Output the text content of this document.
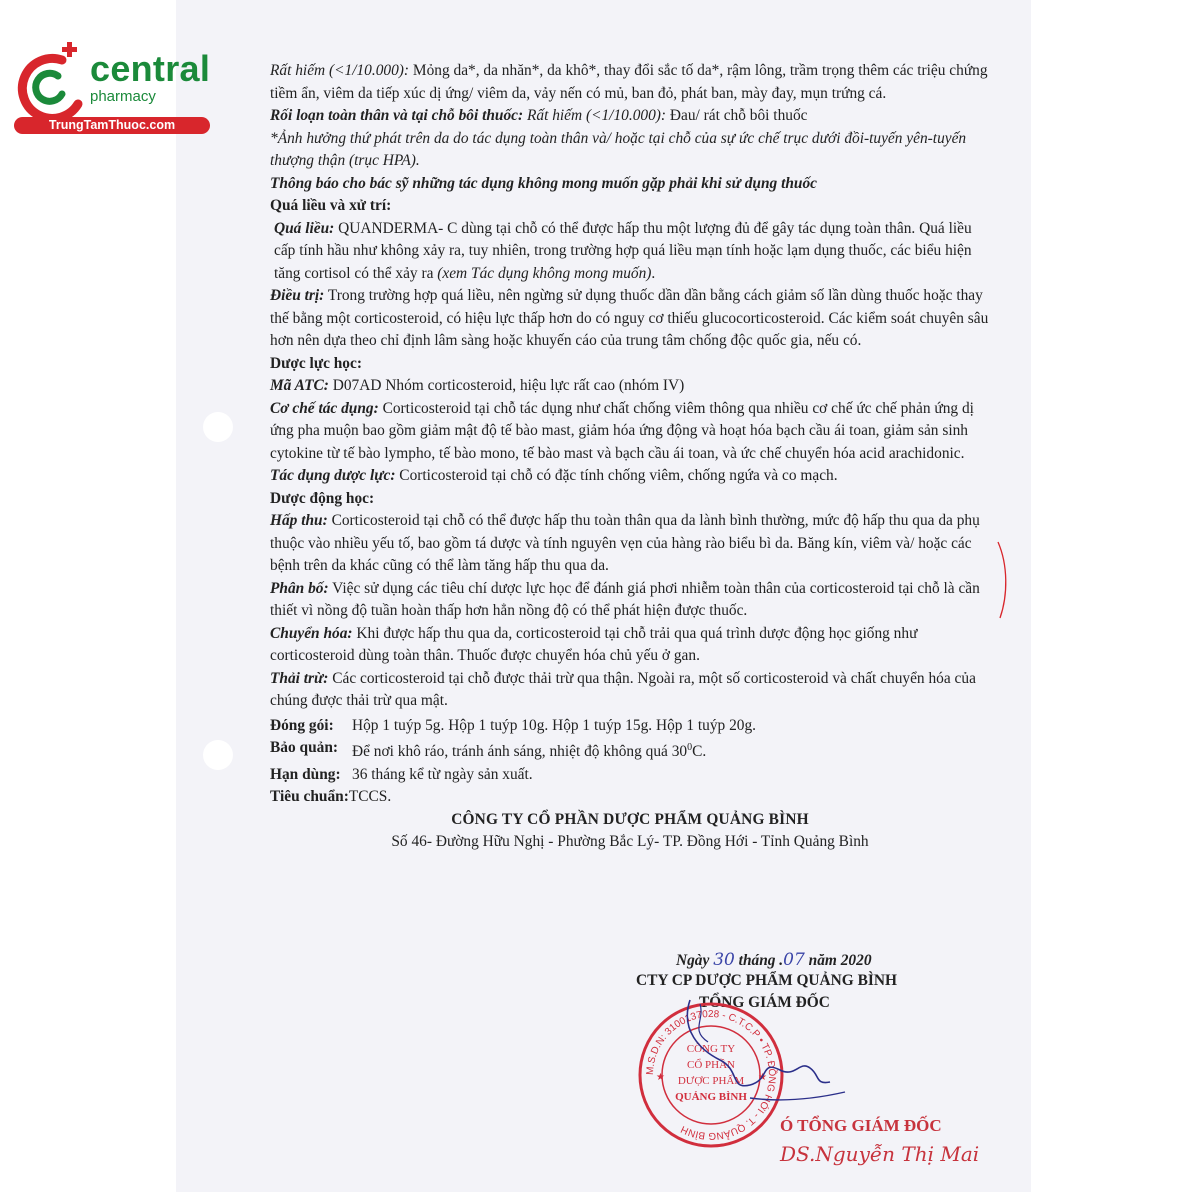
central
pharmacy
TrungTamThuoc.com

Rất hiếm (<1/10.000): Mỏng da*, da nhăn*, da khô*, thay đổi sắc tố da*, rậm lông, trầm trọng thêm các triệu chứng tiềm ẩn, viêm da tiếp xúc dị ứng/ viêm da, vảy nến có mủ, ban đỏ, phát ban, mày đay, mụn trứng cá.

Rối loạn toàn thân và tại chỗ bôi thuốc: Rất hiếm (<1/10.000): Đau/ rát chỗ bôi thuốc

*Ảnh hưởng thứ phát trên da do tác dụng toàn thân và/ hoặc tại chỗ của sự ức chế trục dưới đồi-tuyến yên-tuyến thượng thận (trục HPA).

Thông báo cho bác sỹ những tác dụng không mong muốn gặp phải khi sử dụng thuốc

Quá liều và xử trí:

Quá liều: QUANDERMA- C dùng tại chỗ có thể được hấp thu một lượng đủ để gây tác dụng toàn thân. Quá liều cấp tính hầu như không xảy ra, tuy nhiên, trong trường hợp quá liều mạn tính hoặc lạm dụng thuốc, các biểu hiện tăng cortisol có thể xảy ra (xem Tác dụng không mong muốn).

Điều trị: Trong trường hợp quá liều, nên ngừng sử dụng thuốc dần dần bằng cách giảm số lần dùng thuốc hoặc thay thế bằng một corticosteroid, có hiệu lực thấp hơn do có nguy cơ thiếu glucocorticosteroid. Các kiểm soát chuyên sâu hơn nên dựa theo chỉ định lâm sàng hoặc khuyến cáo của trung tâm chống độc quốc gia, nếu có.

Dược lực học:

Mã ATC: D07AD Nhóm corticosteroid, hiệu lực rất cao (nhóm IV)

Cơ chế tác dụng: Corticosteroid tại chỗ tác dụng như chất chống viêm thông qua nhiều cơ chế ức chế phản ứng dị ứng pha muộn bao gồm giảm mật độ tế bào mast, giảm hóa ứng động và hoạt hóa bạch cầu ái toan, giảm sản sinh cytokine từ tế bào lympho, tế bào mono, tế bào mast và bạch cầu ái toan, và ức chế chuyển hóa acid arachidonic.

Tác dụng dược lực: Corticosteroid tại chỗ có đặc tính chống viêm, chống ngứa và co mạch.

Dược động học:

Hấp thu: Corticosteroid tại chỗ có thể được hấp thu toàn thân qua da lành bình thường, mức độ hấp thu qua da phụ thuộc vào nhiều yếu tố, bao gồm tá dược và tính nguyên vẹn của hàng rào biểu bì da. Băng kín, viêm và/ hoặc các bệnh trên da khác cũng có thể làm tăng hấp thu qua da.

Phân bố: Việc sử dụng các tiêu chí dược lực học để đánh giá phơi nhiễm toàn thân của corticosteroid tại chỗ là cần thiết vì nồng độ tuần hoàn thấp hơn hẳn nồng độ có thể phát hiện được thuốc.

Chuyển hóa: Khi được hấp thu qua da, corticosteroid tại chỗ trải qua quá trình dược động học giống như corticosteroid dùng toàn thân. Thuốc được chuyển hóa chủ yếu ở gan.

Thải trừ: Các corticosteroid tại chỗ được thải trừ qua thận. Ngoài ra, một số corticosteroid và chất chuyển hóa của chúng được thải trừ qua mật.

Đóng gói:	Hộp 1 tuýp 5g. Hộp 1 tuýp 10g. Hộp 1 tuýp 15g. Hộp 1 tuýp 20g.
Bảo quản: Để nơi khô ráo, tránh ánh sáng, nhiệt độ không quá $30^0C$.
Hạn dùng: 36 tháng kể từ ngày sản xuất.
Tiêu chuẩn: TCCS.

CÔNG TY CỔ PHẦN DƯỢC PHẨM QUẢNG BÌNH

Số 46- Đường Hữu Nghị - Phường Bắc Lý- TP. Đồng Hới - Tỉnh Quảng Bình

Ngày 30 tháng .07 năm 2020
CTY CP DƯỢC PHẨM QUẢNG BÌNH
TỔNG GIÁM ĐỐC
M.S.D.N: 3100137028 - C.T.C.P • TP. ĐỒNG HỚI - T. QUẢNG BÌNH
CÔNG TY
CỔ PHẦN
DƯỢC PHẨM
QUẢNG BÌNH
★	★
Ó TỔNG GIÁM ĐỐC
DS.Nguyễn Thị Mai
